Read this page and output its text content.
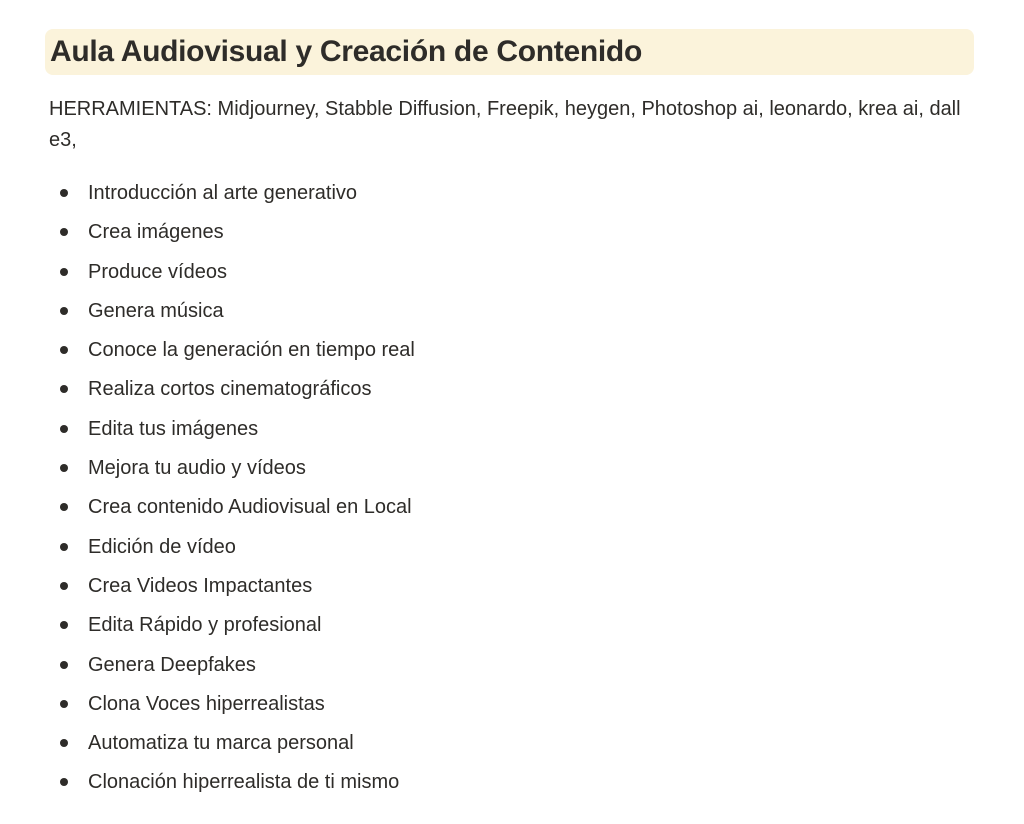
Aula Audiovisual y Creación de Contenido

HERRAMIENTAS: Midjourney, Stabble Diffusion, Freepik, heygen, Photoshop ai, leonardo, krea ai, dall e3,

Introducción al arte generativo
Crea imágenes
Produce vídeos
Genera música
Conoce la generación en tiempo real
Realiza cortos cinematográficos
Edita tus imágenes
Mejora tu audio y vídeos
Crea contenido Audiovisual en Local
Edición de vídeo
Crea Videos Impactantes
Edita Rápido y profesional
Genera Deepfakes
Clona Voces hiperrealistas
Automatiza tu marca personal
Clonación hiperrealista de ti mismo
